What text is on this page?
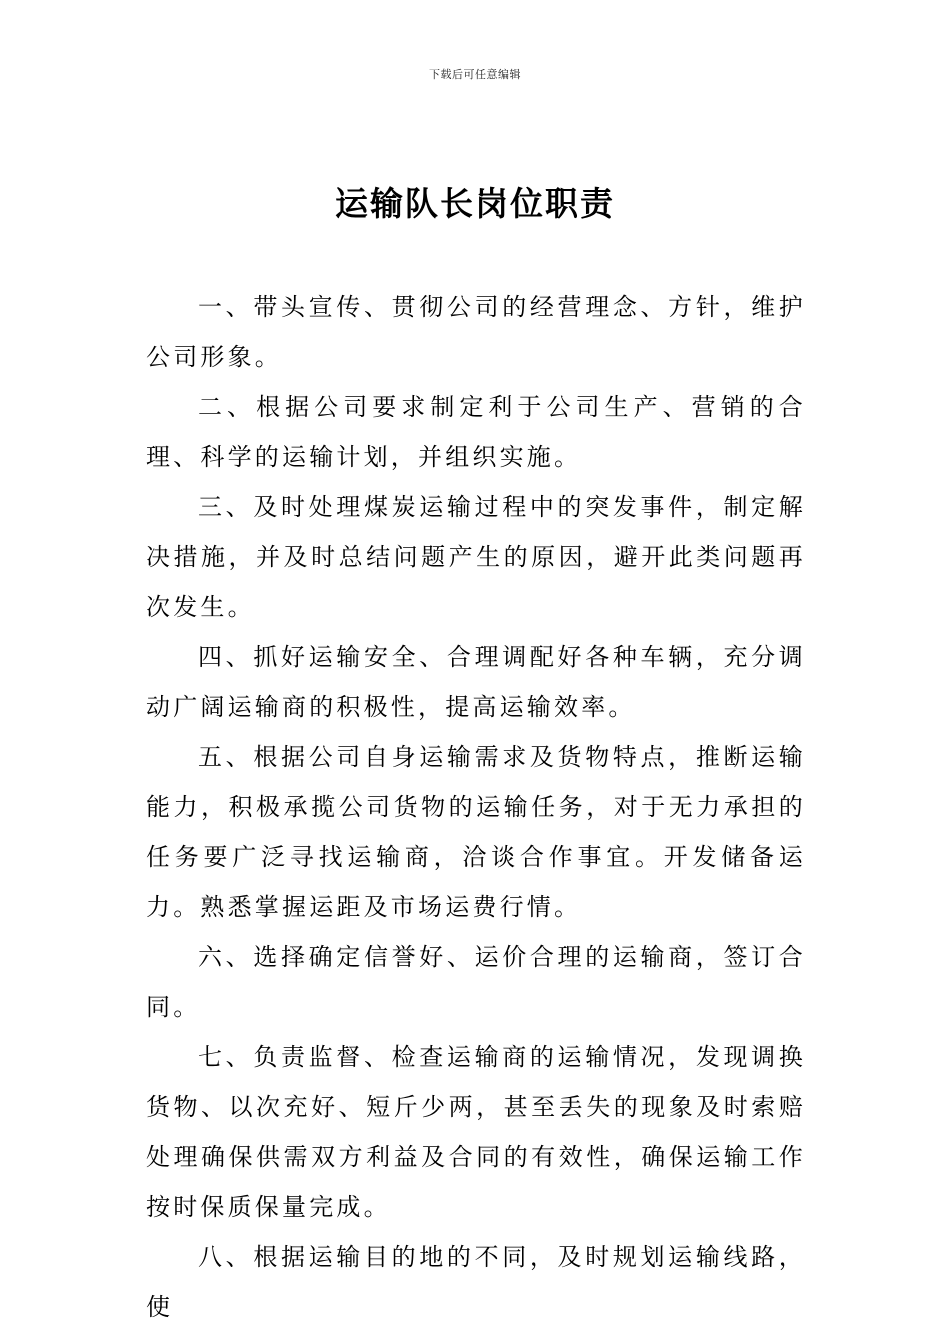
下载后可任意编辑
运输队长岗位职责

一、带头宣传、贯彻公司的经营理念、方针，维护公司形象。

二、根据公司要求制定利于公司生产、营销的合理、科学的运输计划，并组织实施。

三、及时处理煤炭运输过程中的突发事件，制定解决措施，并及时总结问题产生的原因，避开此类问题再次发生。

四、抓好运输安全、合理调配好各种车辆，充分调动广阔运输商的积极性，提高运输效率。

五、根据公司自身运输需求及货物特点，推断运输能力，积极承揽公司货物的运输任务，对于无力承担的任务要广泛寻找运输商，洽谈合作事宜。开发储备运力。熟悉掌握运距及市场运费行情。

六、选择确定信誉好、运价合理的运输商，签订合同。

七、负责监督、检查运输商的运输情况，发现调换货物、以次充好、短斤少两，甚至丢失的现象及时索赔处理确保供需双方利益及合同的有效性，确保运输工作按时保质保量完成。

八、根据运输目的地的不同，及时规划运输线路，使
